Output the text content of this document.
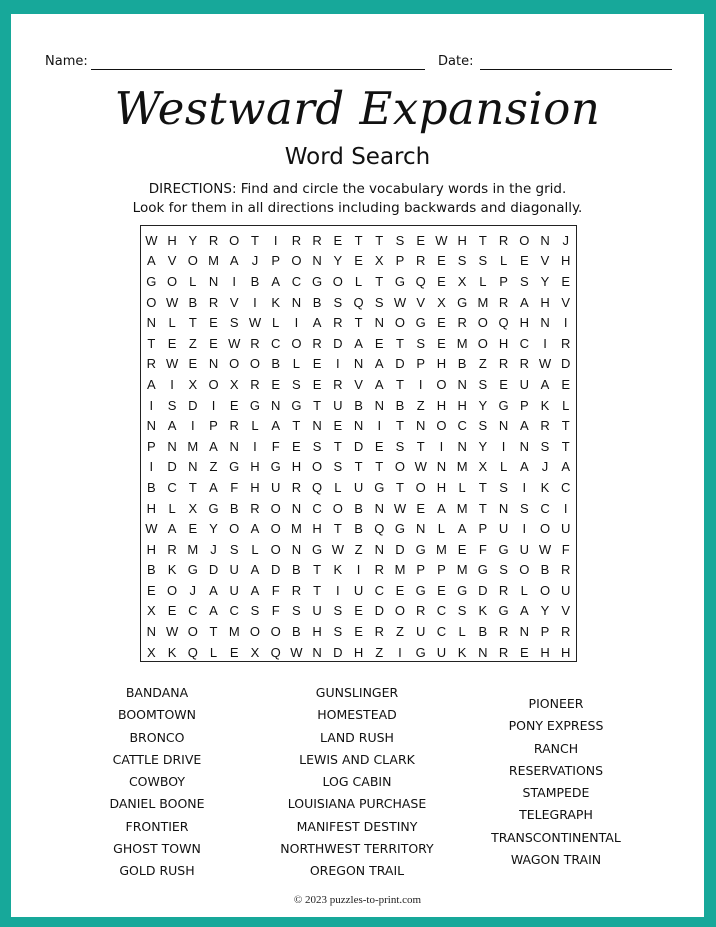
Name:	Date:
Westward Expansion
Word Search
DIRECTIONS: Find and circle the vocabulary words in the grid.
Look for them in all directions including backwards and diagonally.
W H Y R O T	I	R R E T T S E W H T R O N J
A V O M A	J	P O N Y E X P R E S S L E V H
G O L N	I	B A C G O L	T G Q E X L P S Y E
O W B R V	I	K N B S Q S W V X G M R A H V
N L	T E S W L	I	A R T N O G E R O Q H N	I
T E Z E W R C O R D A E T S E M O H C	I	R
R W E N O O B L E	I	N A D P H B Z R R W D
A	I	X O X R E S E R V A T	I	O N S E U A E
I	S D	I	E G N G T U B N B Z H H Y G P K L
N A	I	P R L A T N E N	I	T N O C S N A R T
P N M A N	I	F E S T D E S T	I	N Y	I	N S T
I	D N Z G H G H O S T T O W N M X L A	J	A
B C T A F H U R Q L U G T O H L	T S	I	K C
H L X G B R O N C O B N W E A M T N S C	I
W A E Y O A O M H T B Q G N L A P U	I	O U
H R M J	S L O N G W Z N D G M E F G U W F
B K G D U A D B T K	I	R M P P M G S O B R
E O J	A U A F R T	I	U C E G E G D R L O U
X E C A C S F S U S E D O R C S K G A Y V
N W O T M O O B H S E R Z U C L B R N P R
X K Q L E X Q W N D H Z	I	G U K N R E H H
BANDANA
BOOMTOWN
BRONCO
CATTLE DRIVE
COWBOY
DANIEL BOONE
FRONTIER
GHOST TOWN
GOLD RUSH
GUNSLINGER
HOMESTEAD
LAND RUSH
LEWIS AND CLARK
LOG CABIN
LOUISIANA PURCHASE
MANIFEST DESTINY
NORTHWEST TERRITORY
OREGON TRAIL
PIONEER
PONY EXPRESS
RANCH
RESERVATIONS
STAMPEDE
TELEGRAPH
TRANSCONTINENTAL
WAGON TRAIN
© 2023 puzzles-to-print.com
